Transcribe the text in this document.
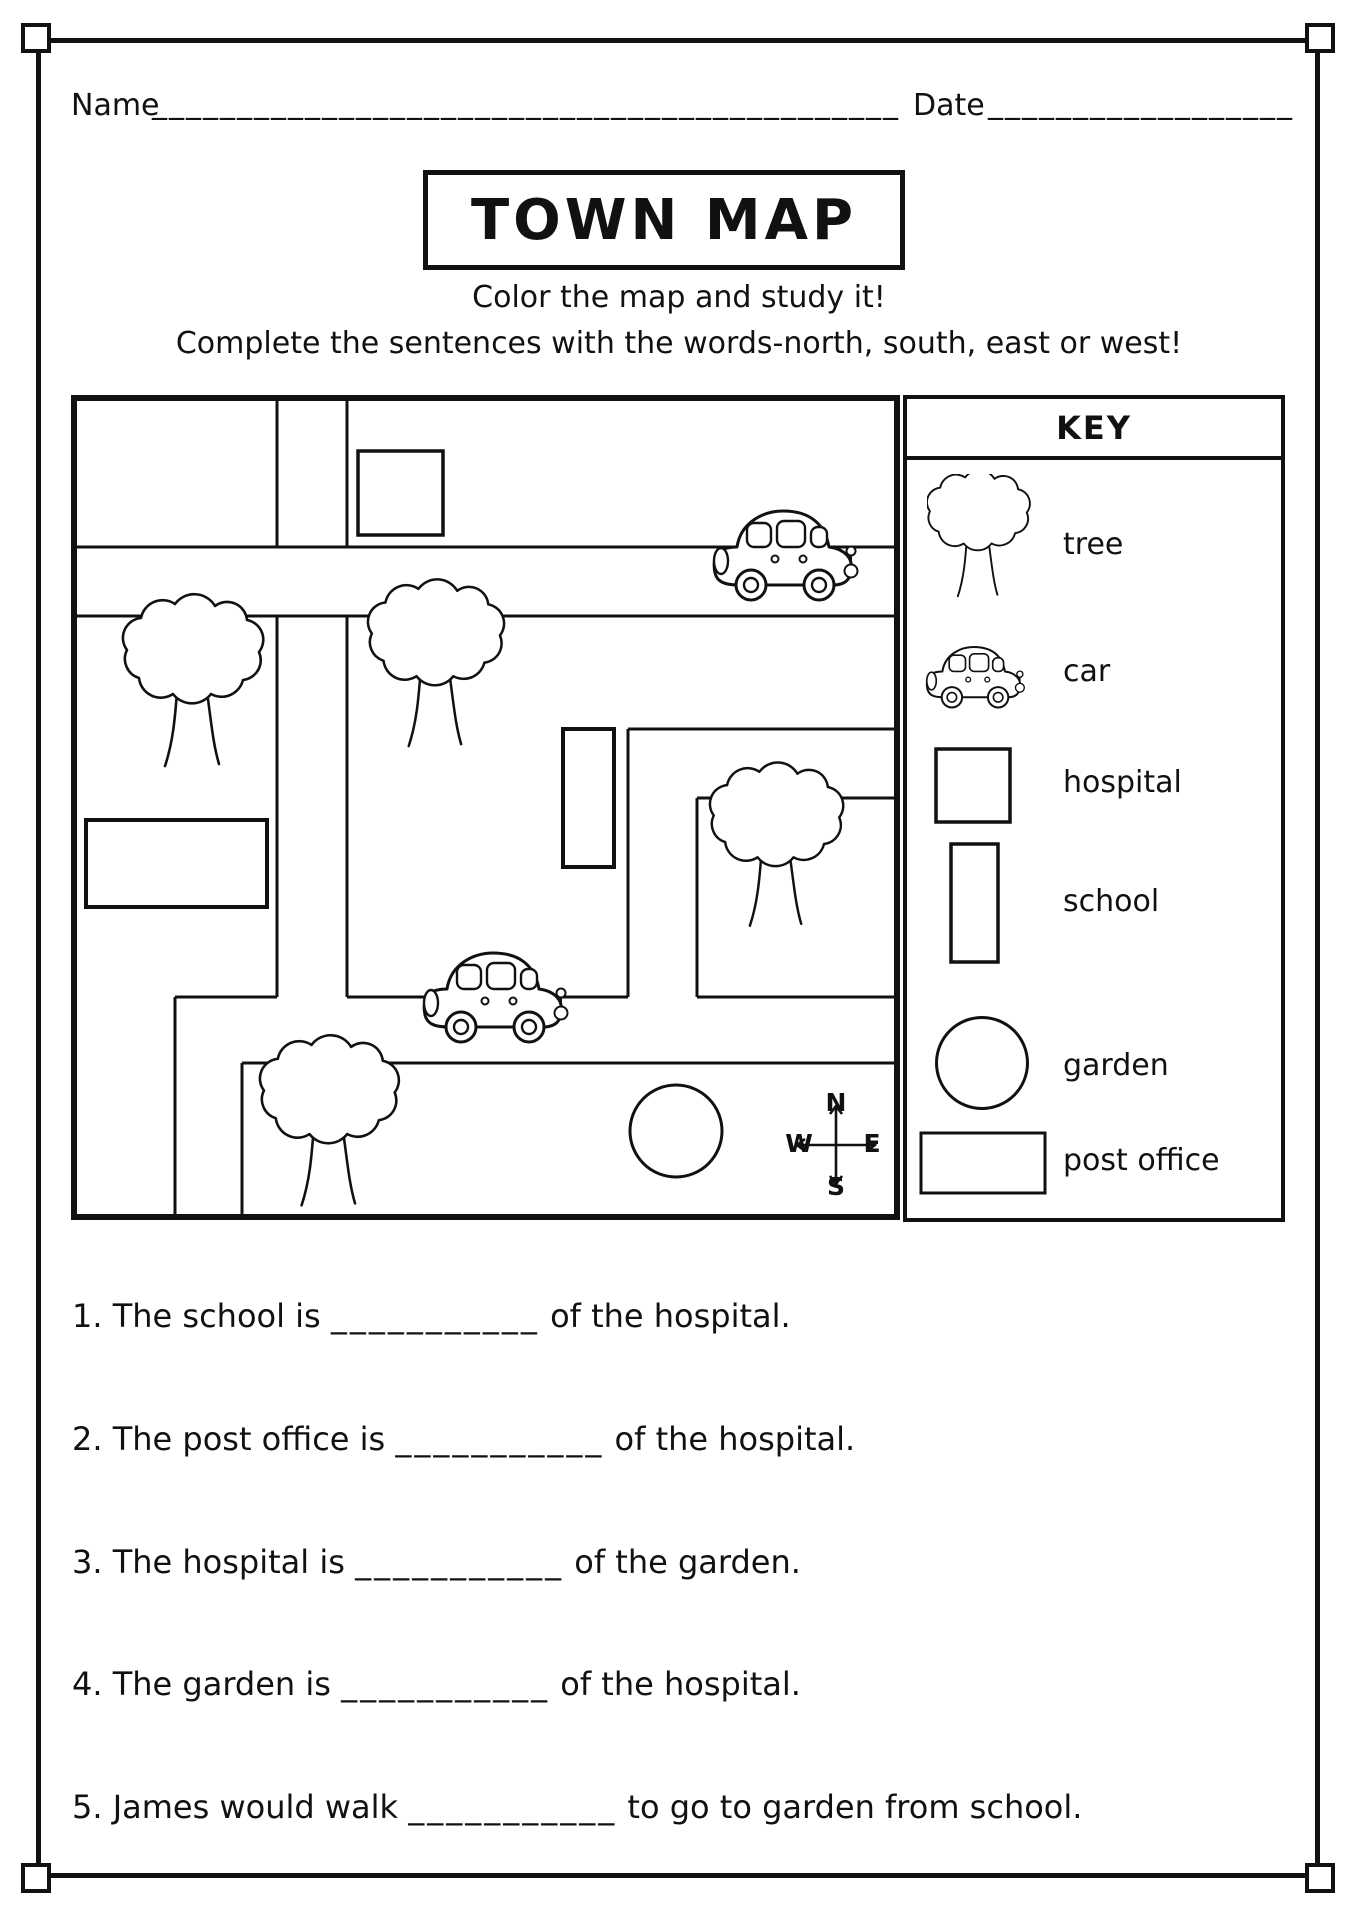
Name
____________________________________________ Date __________________
TOWN MAP
Color the map and study it!
Complete the sentences with the words-north, south, east or west!
N
W E
S
KEY
tree
car
hospital
school
garden
post office
1. The school is ___________ of the hospital.
2. The post office is ___________ of the hospital.
3. The hospital is ___________ of the garden.
4. The garden is ___________ of the hospital.
5. James would walk ___________ to go to garden from school.
